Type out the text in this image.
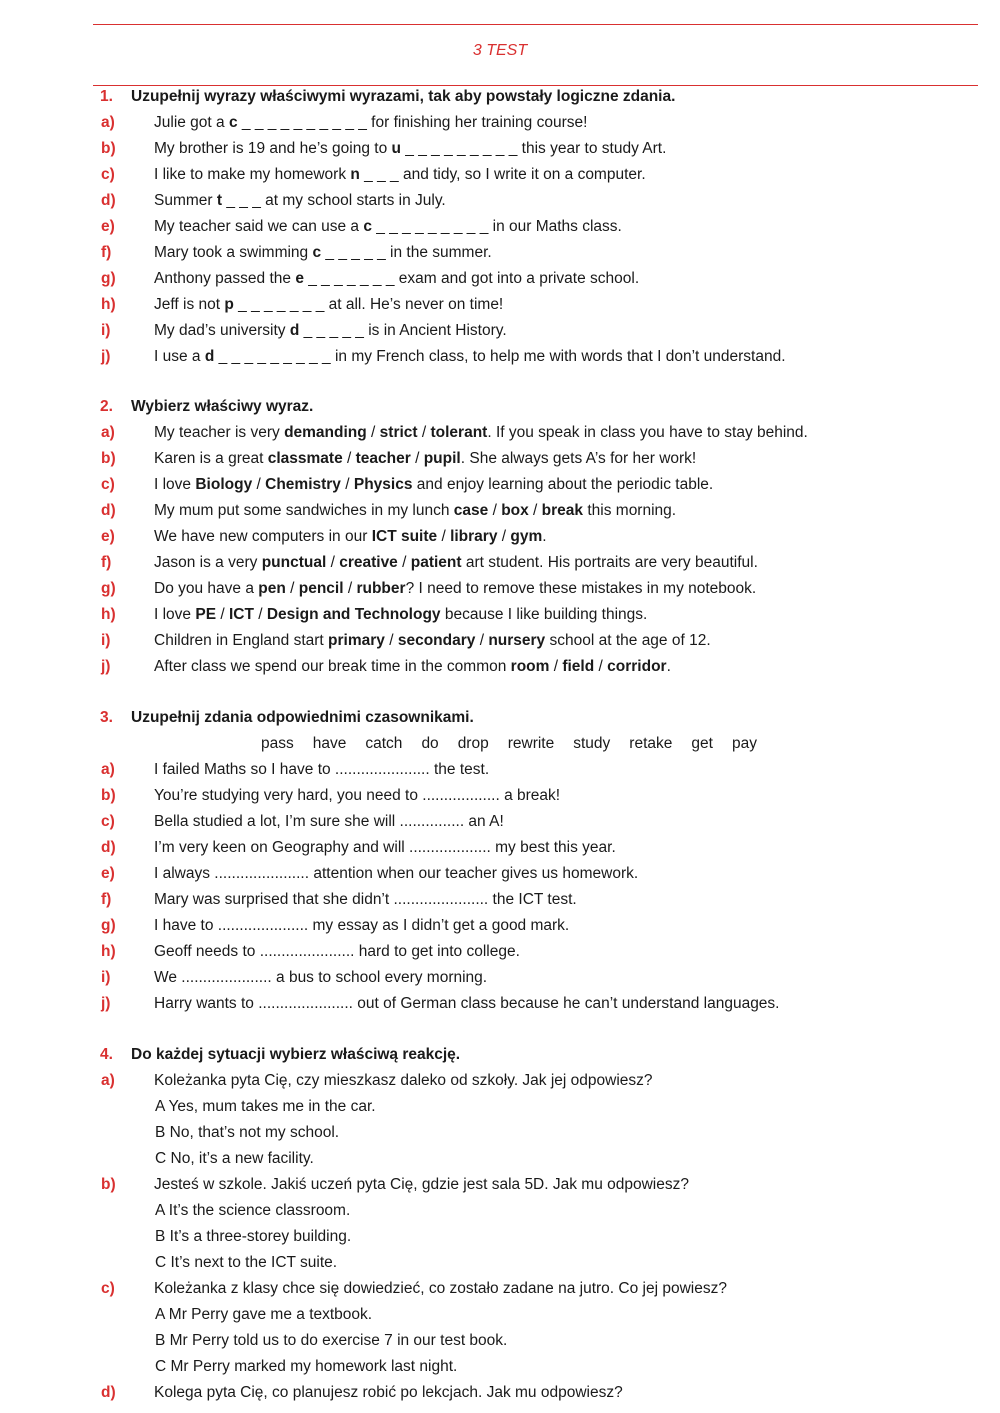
3 TEST
1. Uzupełnij wyrazy właściwymi wyrazami, tak aby powstały logiczne zdania.
a)	Julie got a c _ _ _ _ _ _ _ _ _ _ for finishing her training course!
b) My brother is 19 and he’s going to u _ _ _ _ _ _ _ _ _ this year to study Art.
c)	I like to make my homework n _ _ _ and tidy, so I write it on a computer.
d) Summer t _ _ _ at my school starts in July.
e)	My teacher said we can use a c _ _ _ _ _ _ _ _ _ in our Maths class.
f)	Mary took a swimming c _ _ _ _ _ in the summer.
g) Anthony passed the e _ _ _ _ _ _ _ exam and got into a private school.
h) Jeff is not p _ _ _ _ _ _ _ at all. He’s never on time!
i)	My dad’s university d _ _ _ _ _ is in Ancient History.
j)	I use a d _ _ _ _ _ _ _ _ _ in my French class, to help me with words that I don’t understand.
2. Wybierz właściwy wyraz.
a)	My teacher is very demanding / strict / tolerant. If you speak in class you have to stay behind.
b) Karen is a great classmate / teacher / pupil. She always gets A’s for her work!
c)	I love Biology / Chemistry / Physics and enjoy learning about the periodic table.
d) My mum put some sandwiches in my lunch case / box / break this morning.
e)	We have new computers in our ICT suite / library / gym.
f)	Jason is a very punctual / creative / patient art student. His portraits are very beautiful.
g) Do you have a pen / pencil / rubber? I need to remove these mistakes in my notebook.
h) I love PE / ICT / Design and Technology because I like building things.
i)	Children in England start primary / secondary / nursery school at the age of 12.
j)	After class we spend our break time in the common room / field / corridor.
3. Uzupełnij zdania odpowiednimi czasownikami.
pass have catch do drop rewrite study retake get pay
a)	I failed Maths so I have to ...................... the test.
b) You’re studying very hard, you need to .................. a break!
c)	Bella studied a lot, I’m sure she will ............... an A!
d) I’m very keen on Geography and will ................... my best this year.
e)	I always ...................... attention when our teacher gives us homework.
f)	Mary was surprised that she didn’t ...................... the ICT test.
g) I have to ..................... my essay as I didn’t get a good mark.
h) Geoff needs to ...................... hard to get into college.
i)	We ..................... a bus to school every morning.
j)	Harry wants to ...................... out of German class because he can’t understand languages.
4. Do każdej sytuacji wybierz właściwą reakcję.
a)	Koleżanka pyta Cię, czy mieszkasz daleko od szkoły. Jak jej odpowiesz?
A Yes, mum takes me in the car.
B No, that’s not my school.
C No, it’s a new facility.
b) Jesteś w szkole. Jakiś uczeń pyta Cię, gdzie jest sala 5D. Jak mu odpowiesz?
A It’s the science classroom.
B It’s a three-storey building.
C It’s next to the ICT suite.
c)	Koleżanka z klasy chce się dowiedzieć, co zostało zadane na jutro. Co jej powiesz?
A Mr Perry gave me a textbook.
B Mr Perry told us to do exercise 7 in our test book.
C Mr Perry marked my homework last night.
d) Kolega pyta Cię, co planujesz robić po lekcjach. Jak mu odpowiesz?
